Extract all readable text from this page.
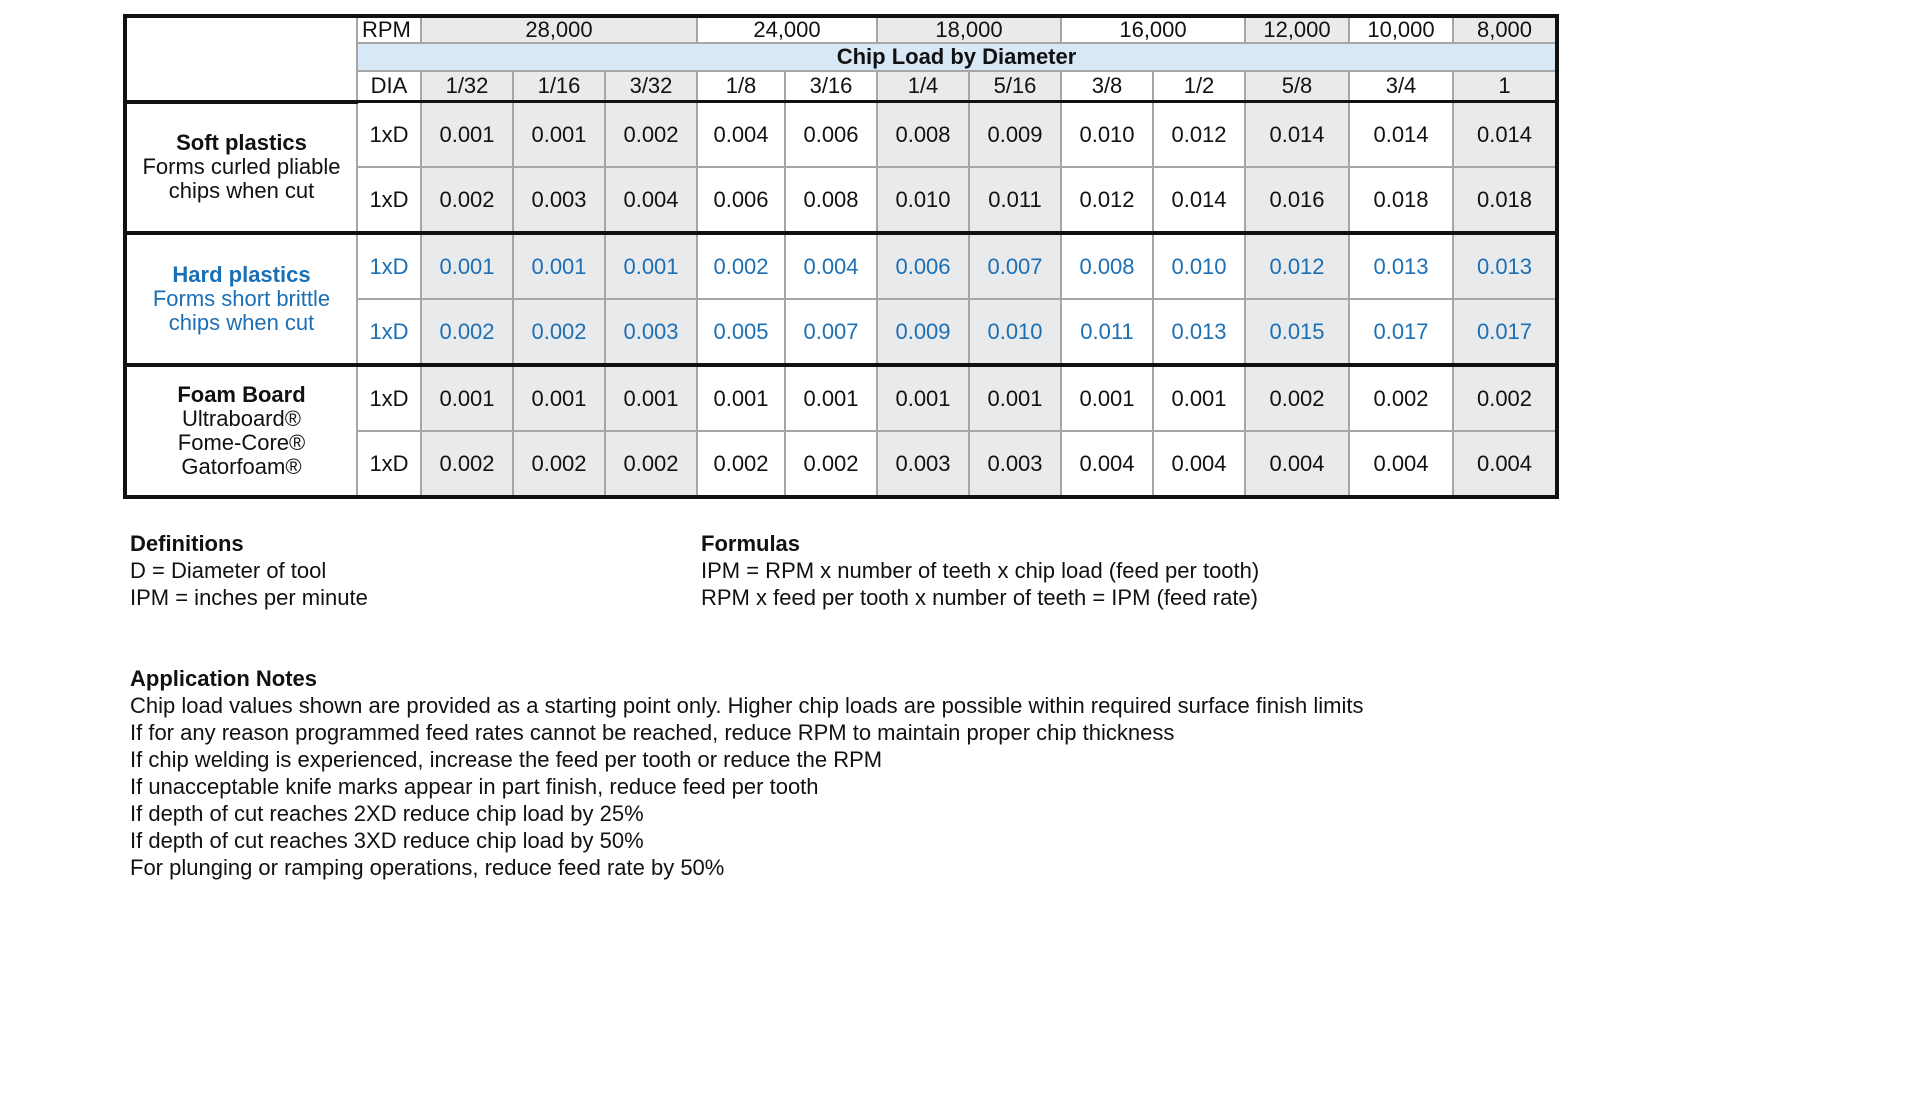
	RPM	28,000			24,000		18,000		16,000		12,000	10,000	8,000
	Chip Load by Diameter												
	DIA	1/32	1/16	3/32	1/8	3/16	1/4	5/16	3/8	1/2	5/8	3/4	1

Soft plastics
Forms curled pliable
chips when cut	1xD	0.001	0.001	0.002	0.004	0.006	0.008	0.009	0.010	0.012	0.014	0.014	0.014
	1xD	0.002	0.003	0.004	0.006	0.008	0.010	0.011	0.012	0.014	0.016	0.018	0.018

Hard plastics
Forms short brittle
chips when cut	1xD	0.001	0.001	0.001	0.002	0.004	0.006	0.007	0.008	0.010	0.012	0.013	0.013
	1xD	0.002	0.002	0.003	0.005	0.007	0.009	0.010	0.011	0.013	0.015	0.017	0.017

Foam Board
Ultraboard®
Fome-Core®
Gatorfoam®	1xD	0.001	0.001	0.001	0.001	0.001	0.001	0.001	0.001	0.001	0.002	0.002	0.002
	1xD	0.002	0.002	0.002	0.002	0.002	0.003	0.003	0.004	0.004	0.004	0.004	0.004
Definitions
D = Diameter of tool
IPM = inches per minute
Formulas
IPM = RPM x number of teeth x chip load (feed per tooth)
RPM x feed per tooth x number of teeth = IPM (feed rate)
Application Notes
Chip load values shown are provided as a starting point only. Higher chip loads are possible within required surface finish limits
If for any reason programmed feed rates cannot be reached, reduce RPM to maintain proper chip thickness
If chip welding is experienced, increase the feed per tooth or reduce the RPM
If unacceptable knife marks appear in part finish, reduce feed per tooth
If depth of cut reaches 2XD reduce chip load by 25%
If depth of cut reaches 3XD reduce chip load by 50%
For plunging or ramping operations, reduce feed rate by 50%
